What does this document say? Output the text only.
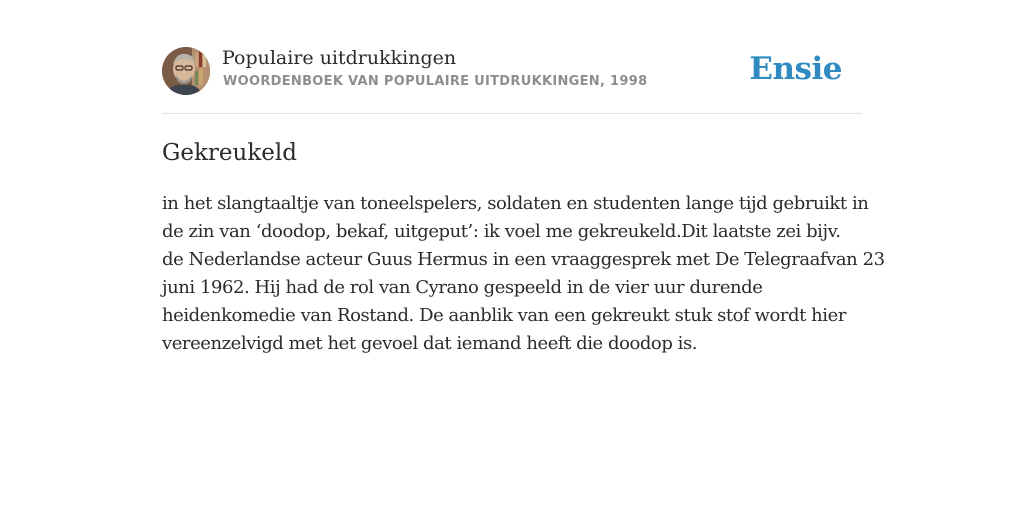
Populaire uitdrukkingen
WOORDENBOEK VAN POPULAIRE UITDRUKKINGEN, 1998	Ensie
Gekreukeld

in het slangtaaltje van toneelspelers, soldaten en studenten lange tijd gebruikt in
de zin van ‘doodop, bekaf, uitgeput’: ik voel me gekreukeld.Dit laatste zei bijv.
de Nederlandse acteur Guus Hermus in een vraaggesprek met De Telegraafvan 23
juni 1962. Hij had de rol van Cyrano gespeeld in de vier uur durende
heidenkomedie van Rostand. De aanblik van een gekreukt stuk stof wordt hier
vereenzelvigd met het gevoel dat iemand heeft die doodop is.
